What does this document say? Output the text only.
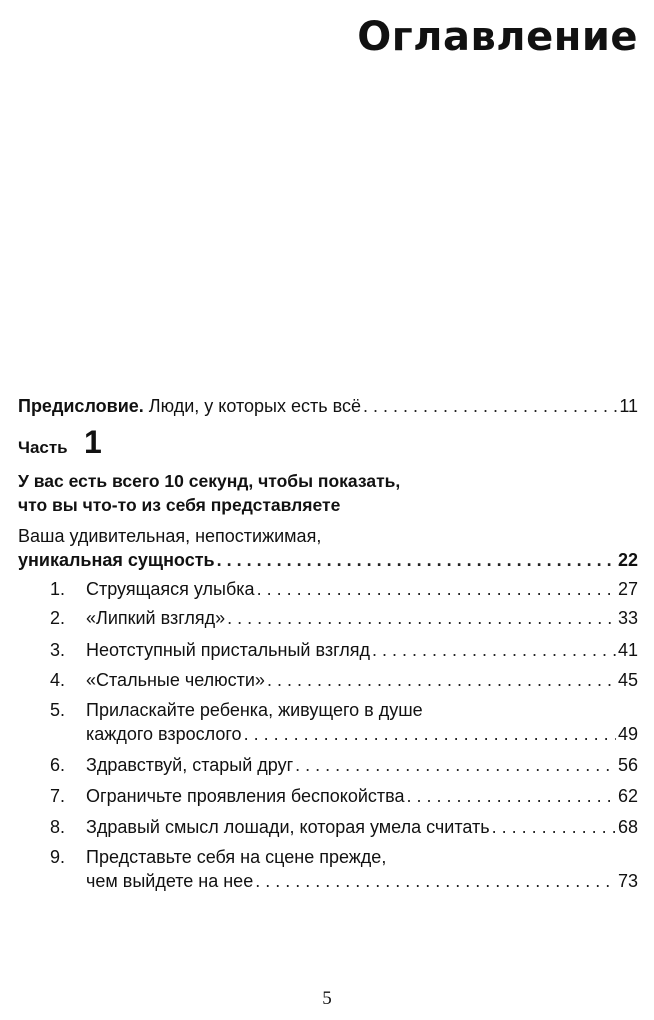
Оглавление
Предисловие. Люди, у которых есть всё . . .	11
Часть 1
У вас есть всего 10 секунд, чтобы показать,
что вы что-то из себя представляете
Ваша удивительная, непостижимая,
уникальная сущность . . .	22
1.	Струящаяся улыбка . . .	27
2.	«Липкий взгляд» . . .	33
3.	Неотступный пристальный взгляд . . .	41
4.	«Стальные челюсти» . . .	45
5.	Приласкайте ребенка, живущего в душе
каждого взрослого . . .	49
6.	Здравствуй, старый друг . . .	56
7.	Ограничьте проявления беспокойства . . .	62
8.	Здравый смысл лошади, которая умела считать . . .	68
9.	Представьте себя на сцене прежде,
чем выйдете на нее . . .	73
5
